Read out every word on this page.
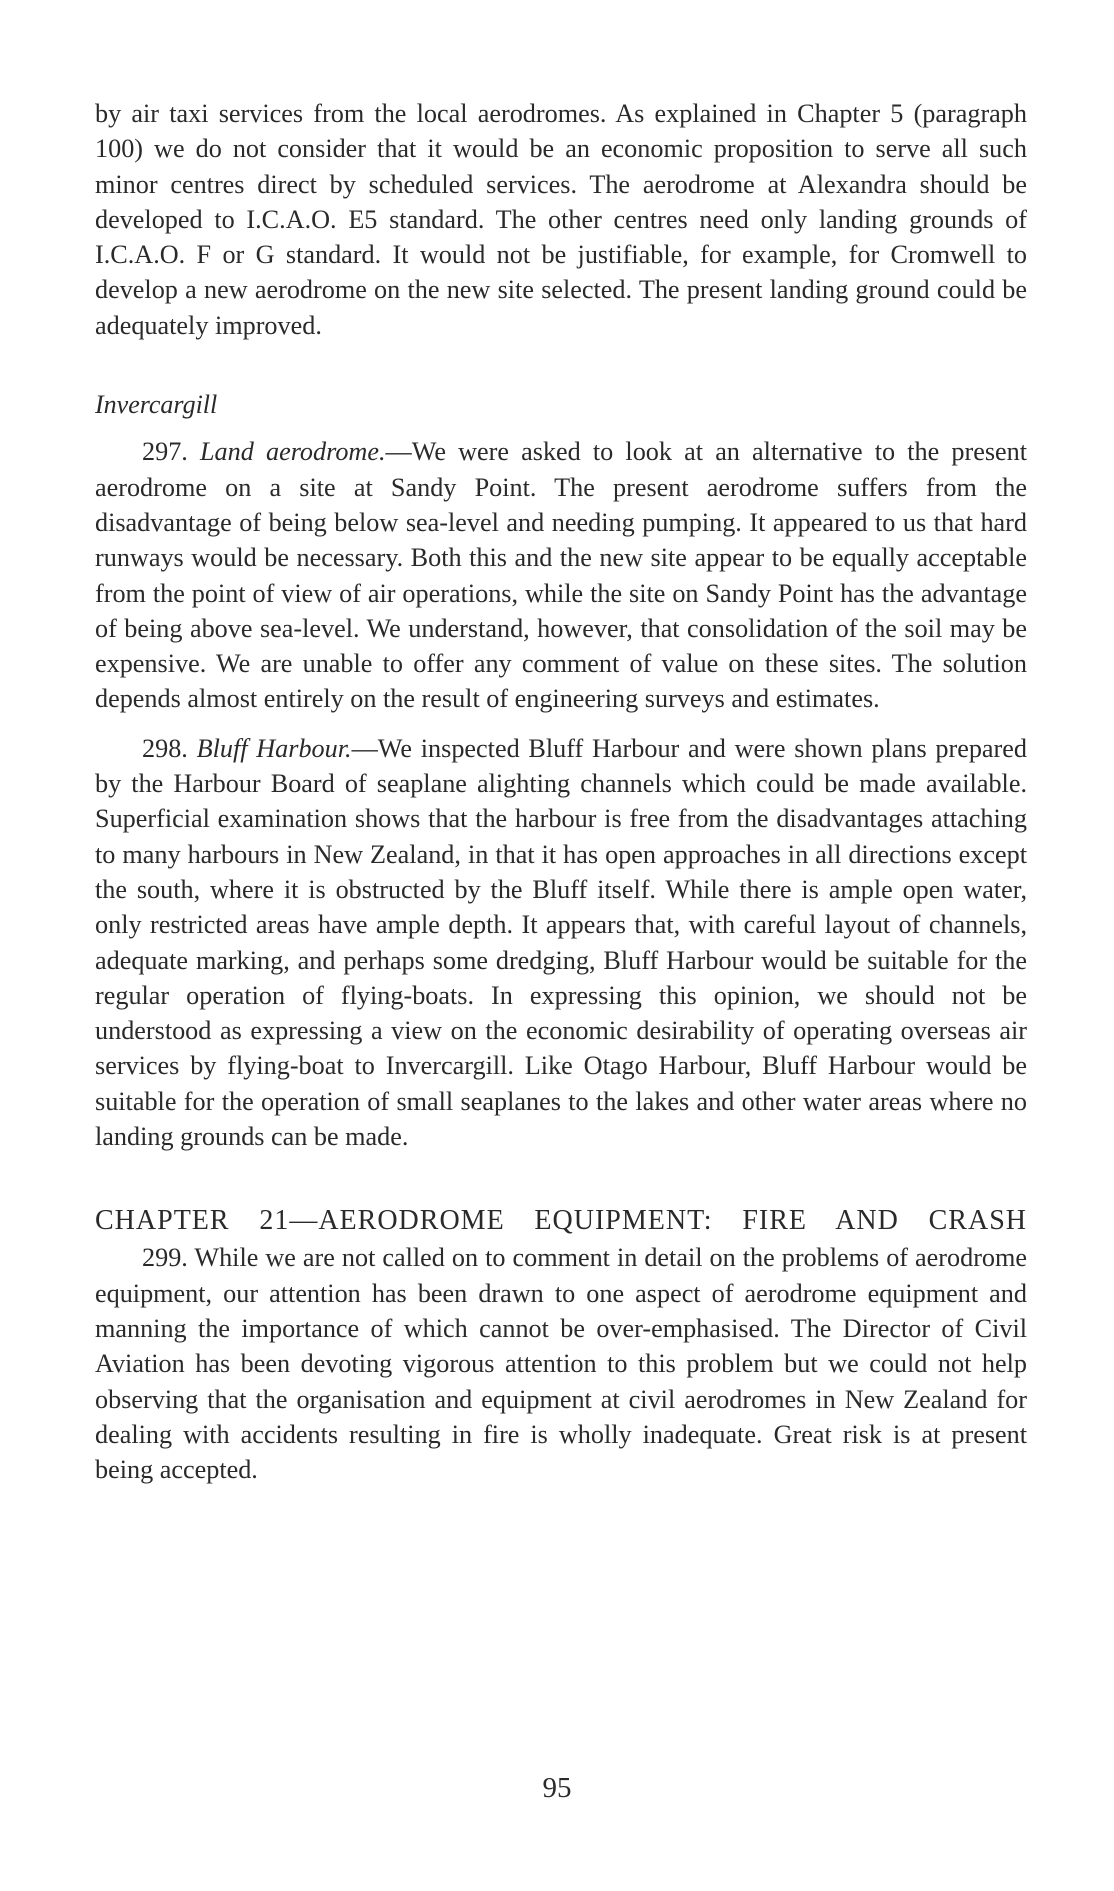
by air taxi services from the local aerodromes. As explained in Chapter 5 (paragraph 100) we do not consider that it would be an economic proposition to serve all such minor centres direct by scheduled services. The aerodrome at Alexandra should be developed to I.C.A.O. E5 standard. The other centres need only landing grounds of I.C.A.O. F or G standard. It would not be justifiable, for example, for Cromwell to develop a new aerodrome on the new site selected. The present landing ground could be adequately improved.

Invercargill

297. Land aerodrome.—We were asked to look at an alternative to the present aerodrome on a site at Sandy Point. The present aerodrome suffers from the disadvantage of being below sea-level and needing pumping. It appeared to us that hard runways would be necessary. Both this and the new site appear to be equally acceptable from the point of view of air operations, while the site on Sandy Point has the advantage of being above sea-level. We understand, however, that consolidation of the soil may be expensive. We are unable to offer any comment of value on these sites. The solution depends almost entirely on the result of engineering surveys and estimates.

298. Bluff Harbour.—We inspected Bluff Harbour and were shown plans prepared by the Harbour Board of seaplane alighting channels which could be made available. Superficial examination shows that the harbour is free from the disadvantages attaching to many harbours in New Zealand, in that it has open approaches in all directions except the south, where it is obstructed by the Bluff itself. While there is ample open water, only restricted areas have ample depth. It appears that, with careful layout of channels, adequate marking, and perhaps some dredging, Bluff Harbour would be suitable for the regular operation of flying-boats. In expressing this opinion, we should not be understood as expressing a view on the economic desirability of operating overseas air services by flying-boat to Invercargill. Like Otago Harbour, Bluff Harbour would be suitable for the operation of small seaplanes to the lakes and other water areas where no landing grounds can be made.

CHAPTER 21—AERODROME EQUIPMENT: FIRE AND CRASH

299. While we are not called on to comment in detail on the problems of aerodrome equipment, our attention has been drawn to one aspect of aerodrome equipment and manning the importance of which cannot be over-emphasised. The Director of Civil Aviation has been devoting vigorous attention to this problem but we could not help observing that the organisation and equipment at civil aerodromes in New Zealand for dealing with accidents resulting in fire is wholly inadequate. Great risk is at present being accepted.

95
